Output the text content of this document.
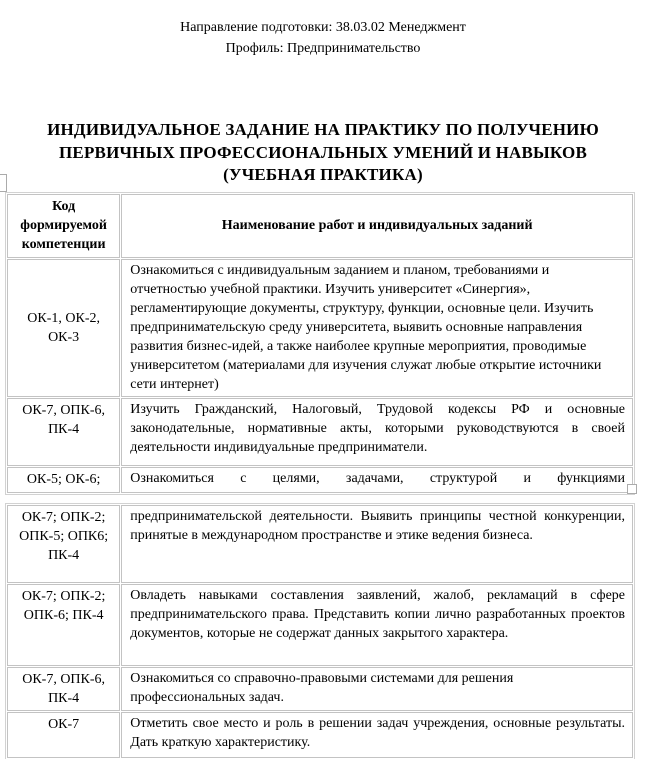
Направление подготовки: 38.03.02 Менеджмент
Профиль: Предпринимательство
ИНДИВИДУАЛЬНОЕ ЗАДАНИЕ НА ПРАКТИКУ ПО ПОЛУЧЕНИЮ
ПЕРВИЧНЫХ ПРОФЕССИОНАЛЬНЫХ УМЕНИЙ И НАВЫКОВ
(УЧЕБНАЯ ПРАКТИКА)
Код формируемой компетенции	Наименование работ и индивидуальных заданий
ОК-1, ОК-2, ОК-3	Ознакомиться с индивидуальным заданием и планом, требованиями и отчетностью учебной практики. Изучить университет «Синергия», регламентирующие документы, структуру, функции, основные цели. Изучить предпринимательскую среду университета, выявить основные направления развития бизнес-идей, а также наиболее крупные мероприятия, проводимые университетом (материалами для изучения служат любые открытие источники сети интернет)
ОК-7, ОПК-6, ПК-4	Изучить Гражданский, Налоговый, Трудовой кодексы РФ и основные законодательные, нормативные акты, которыми руководствуются в своей деятельности индивидуальные предприниматели.
ОК-5; ОК-6;	Ознакомиться с целями, задачами, структурой и функциями
ОК-7; ОПК-2; ОПК-5; ОПК6; ПК-4	предпринимательской деятельности. Выявить принципы честной конкуренции, принятые в международном пространстве и этике ведения бизнеса.
ОК-7; ОПК-2; ОПК-6; ПК-4	Овладеть навыками составления заявлений, жалоб, рекламаций в сфере предпринимательского права. Представить копии лично разработанных проектов документов, которые не содержат данных закрытого характера.
ОК-7, ОПК-6, ПК-4	Ознакомиться со справочно-правовыми системами для решения профессиональных задач.
ОК-7	Отметить свое место и роль в решении задач учреждения, основные результаты. Дать краткую характеристику.
